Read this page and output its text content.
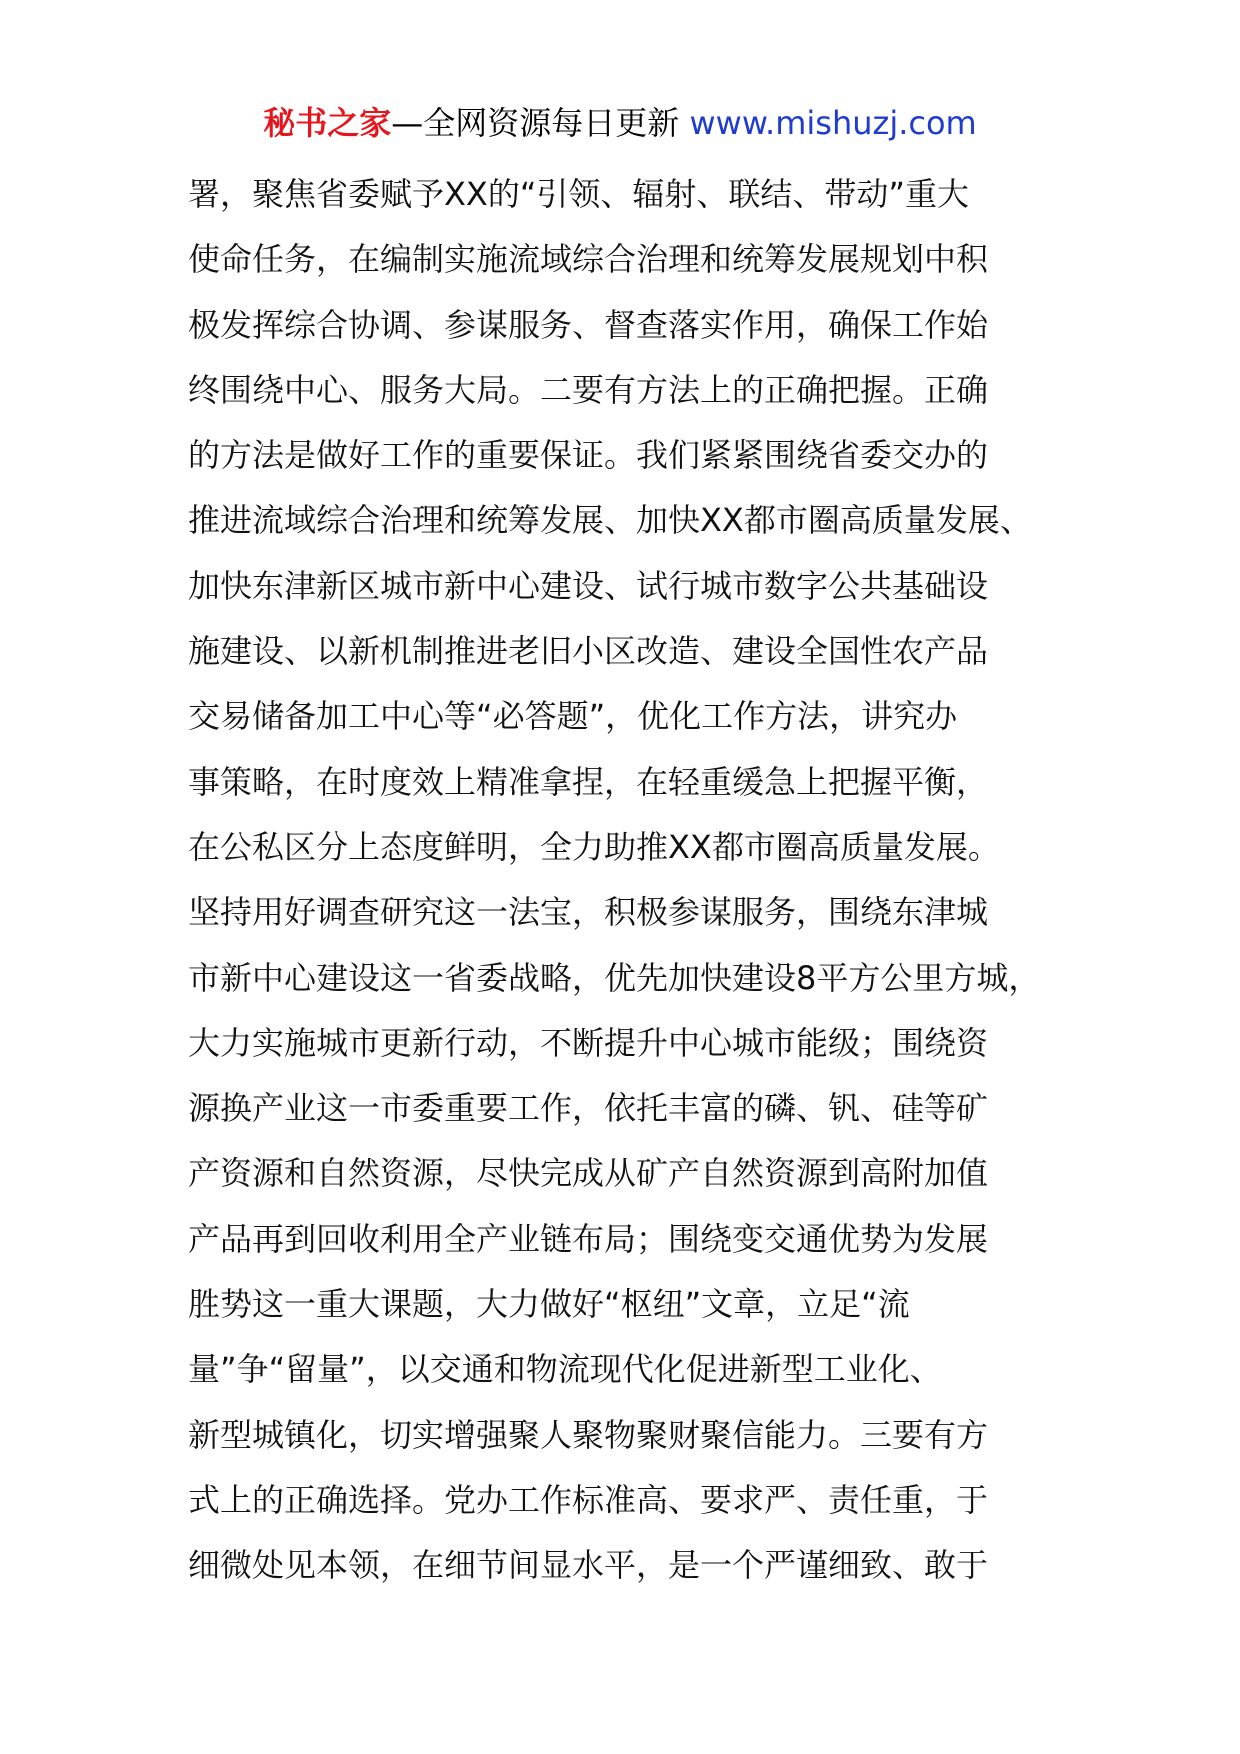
秘书之家—全网资源每日更新 www.mishuzj.com
署，聚焦省委赋予XX的“引领、辐射、联结、带动”重大
使命任务，在编制实施流域综合治理和统筹发展规划中积
极发挥综合协调、参谋服务、督查落实作用，确保工作始
终围绕中心、服务大局。二要有方法上的正确把握。正确
的方法是做好工作的重要保证。我们紧紧围绕省委交办的
推进流域综合治理和统筹发展、加快XX都市圈高质量发展、
加快东津新区城市新中心建设、试行城市数字公共基础设
施建设、以新机制推进老旧小区改造、建设全国性农产品
交易储备加工中心等“必答题”，优化工作方法，讲究办
事策略，在时度效上精准拿捏，在轻重缓急上把握平衡，
在公私区分上态度鲜明，全力助推XX都市圈高质量发展。
坚持用好调查研究这一法宝，积极参谋服务，围绕东津城
市新中心建设这一省委战略，优先加快建设8平方公里方城，
大力实施城市更新行动，不断提升中心城市能级；围绕资
源换产业这一市委重要工作，依托丰富的磷、钒、硅等矿
产资源和自然资源，尽快完成从矿产自然资源到高附加值
产品再到回收利用全产业链布局；围绕变交通优势为发展
胜势这一重大课题，大力做好“枢纽”文章，立足“流
量”争“留量”，以交通和物流现代化促进新型工业化、
新型城镇化，切实增强聚人聚物聚财聚信能力。三要有方
式上的正确选择。党办工作标准高、要求严、责任重，于
细微处见本领，在细节间显水平，是一个严谨细致、敢于
